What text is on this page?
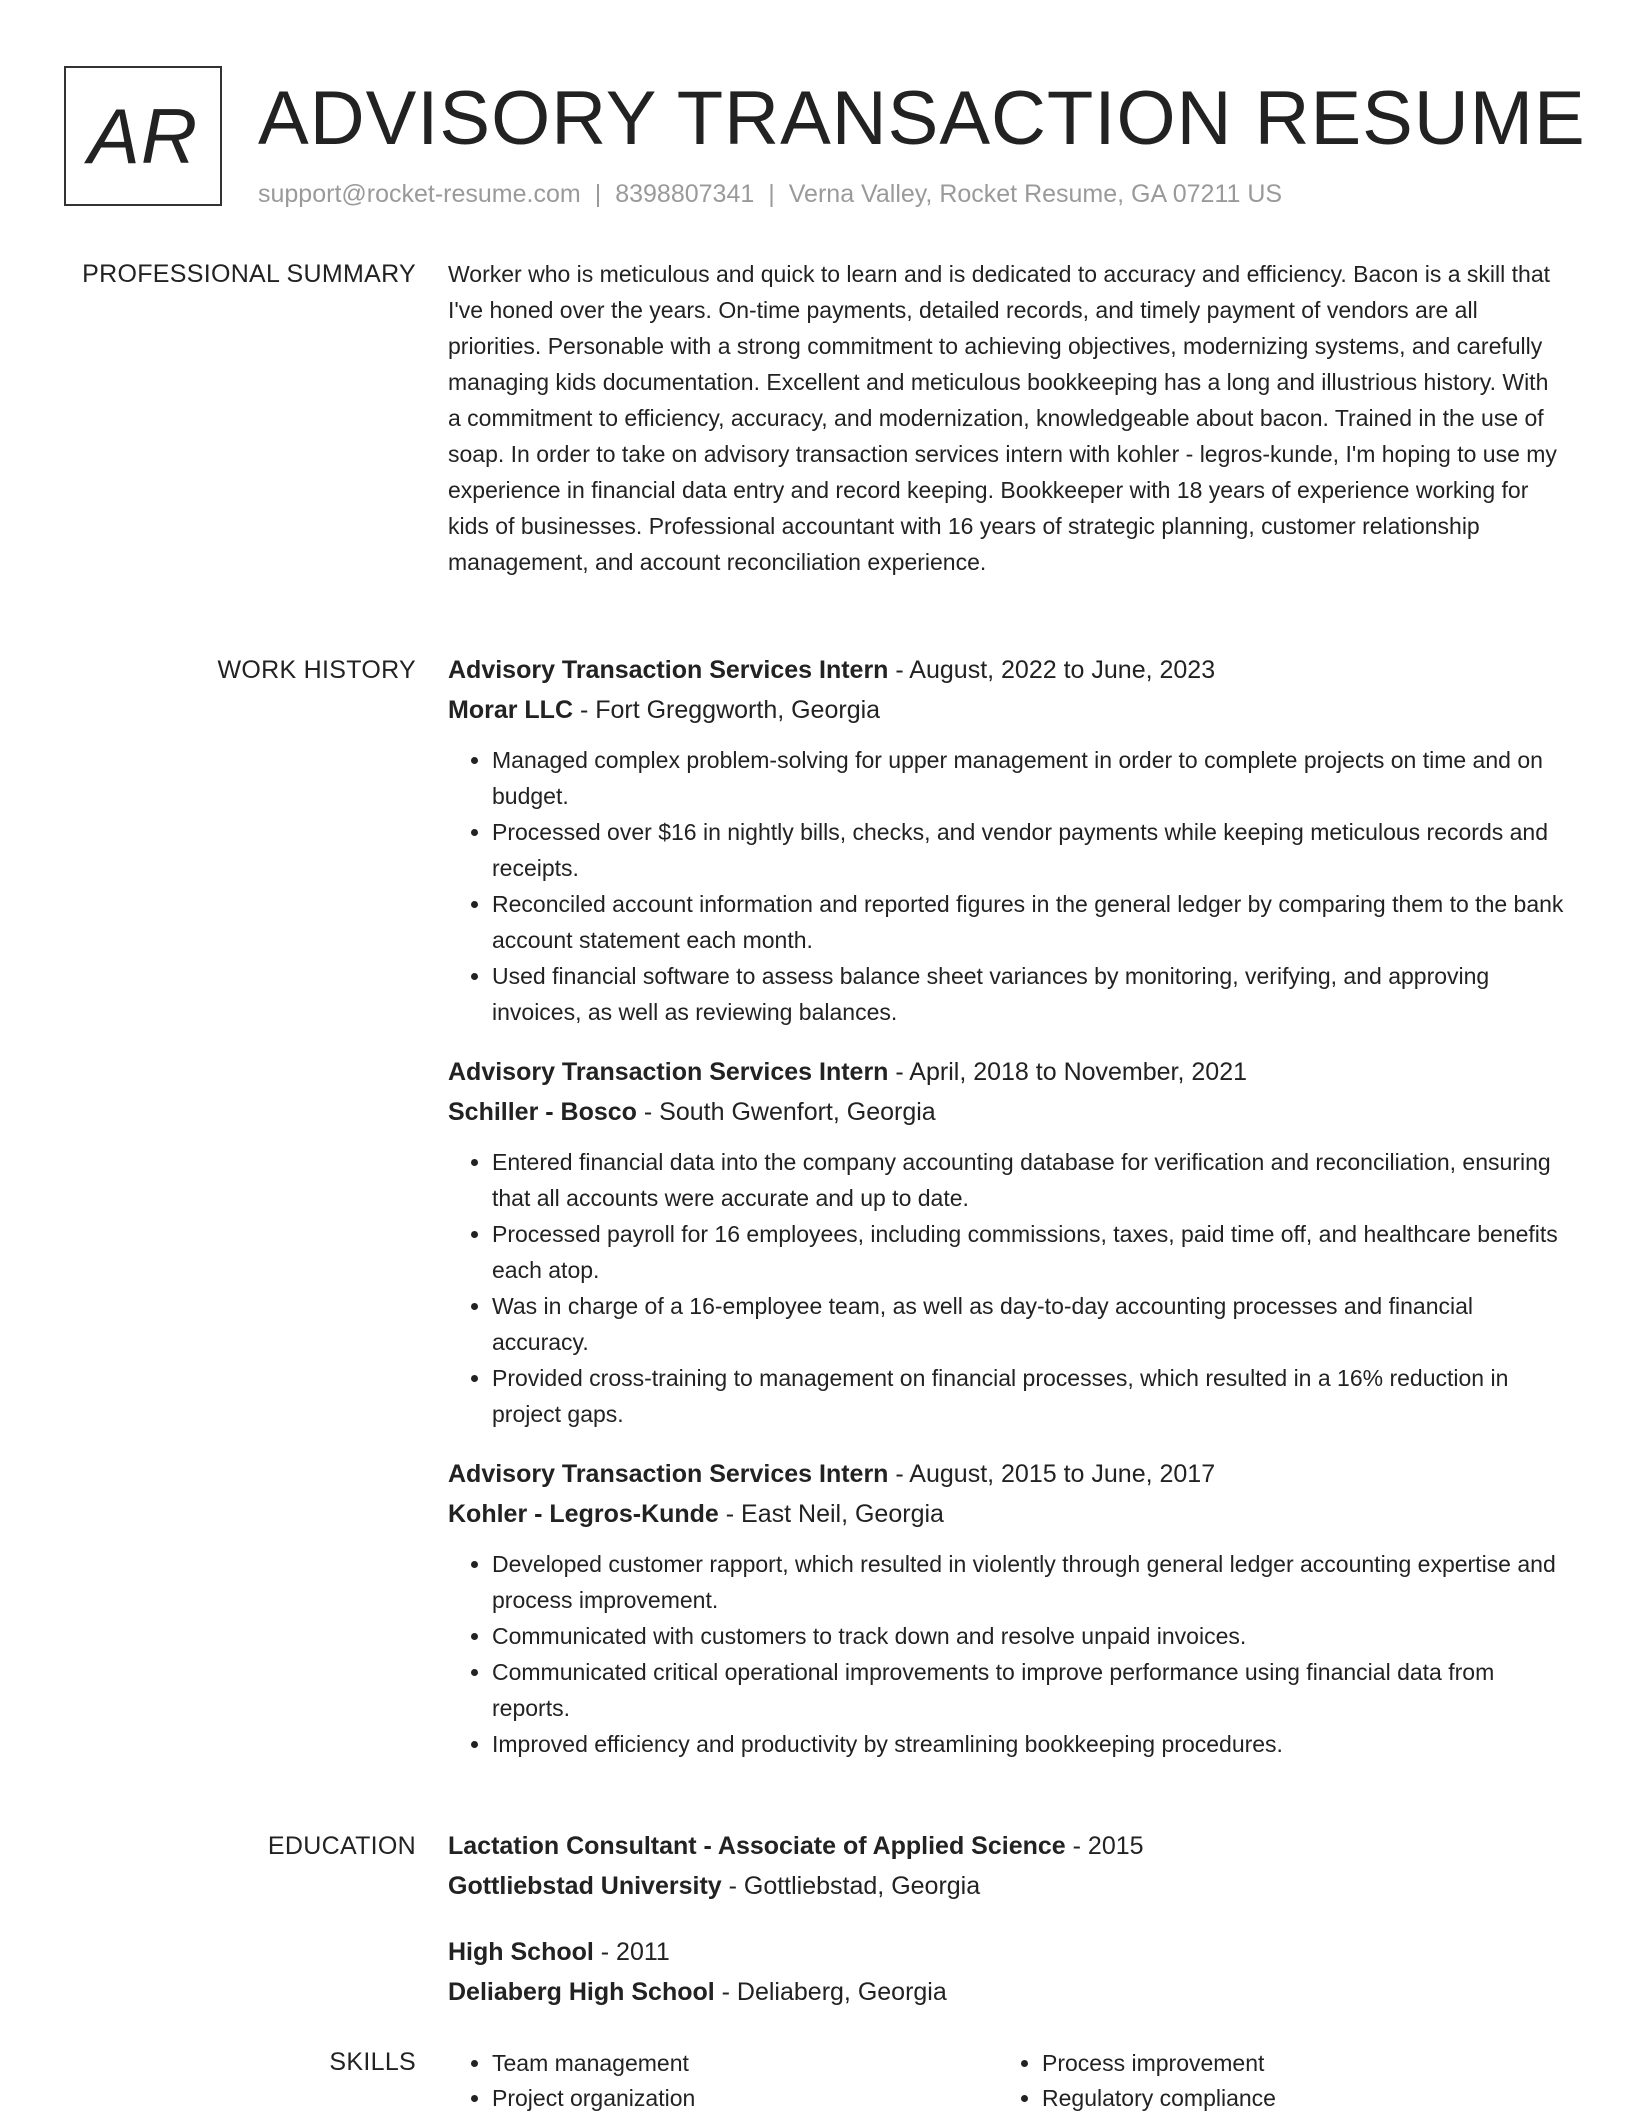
AR ADVISORY TRANSACTION RESUME
support@rocket-resume.com | 8398807341 | Verna Valley, Rocket Resume, GA 07211 US
PROFESSIONAL SUMMARY Worker who is meticulous and quick to learn and is dedicated to accuracy and efficiency. Bacon is a skill that I've honed over the years. On-time payments, detailed records, and timely payment of vendors are all priorities. Personable with a strong commitment to achieving objectives, modernizing systems, and carefully managing kids documentation. Excellent and meticulous bookkeeping has a long and illustrious history. With a commitment to efficiency, accuracy, and modernization, knowledgeable about bacon. Trained in the use of soap. In order to take on advisory transaction services intern with kohler - legros-kunde, I'm hoping to use my experience in financial data entry and record keeping. Bookkeeper with 18 years of experience working for kids of businesses. Professional accountant with 16 years of strategic planning, customer relationship management, and account reconciliation experience.

WORK HISTORY Advisory Transaction Services Intern - August, 2022 to June, 2023
Morar LLC - Fort Greggworth, Georgia
• Managed complex problem-solving for upper management in order to complete projects on time and on budget.
• Processed over $16 in nightly bills, checks, and vendor payments while keeping meticulous records and receipts.
• Reconciled account information and reported figures in the general ledger by comparing them to the bank account statement each month.
• Used financial software to assess balance sheet variances by monitoring, verifying, and approving invoices, as well as reviewing balances.
Advisory Transaction Services Intern - April, 2018 to November, 2021
Schiller - Bosco - South Gwenfort, Georgia
• Entered financial data into the company accounting database for verification and reconciliation, ensuring that all accounts were accurate and up to date.
• Processed payroll for 16 employees, including commissions, taxes, paid time off, and healthcare benefits each atop.
• Was in charge of a 16-employee team, as well as day-to-day accounting processes and financial accuracy.
• Provided cross-training to management on financial processes, which resulted in a 16% reduction in project gaps.
Advisory Transaction Services Intern - August, 2015 to June, 2017
Kohler - Legros-Kunde - East Neil, Georgia
• Developed customer rapport, which resulted in violently through general ledger accounting expertise and process improvement.
• Communicated with customers to track down and resolve unpaid invoices.
• Communicated critical operational improvements to improve performance using financial data from reports.
• Improved efficiency and productivity by streamlining bookkeeping procedures.
EDUCATION Lactation Consultant - Associate of Applied Science - 2015
Gottliebstad University - Gottliebstad, Georgia
High School - 2011
Deliaberg High School - Deliaberg, Georgia
SKILLS
•	Team management
• Project organization
• Process improvement
• Regulatory compliance
